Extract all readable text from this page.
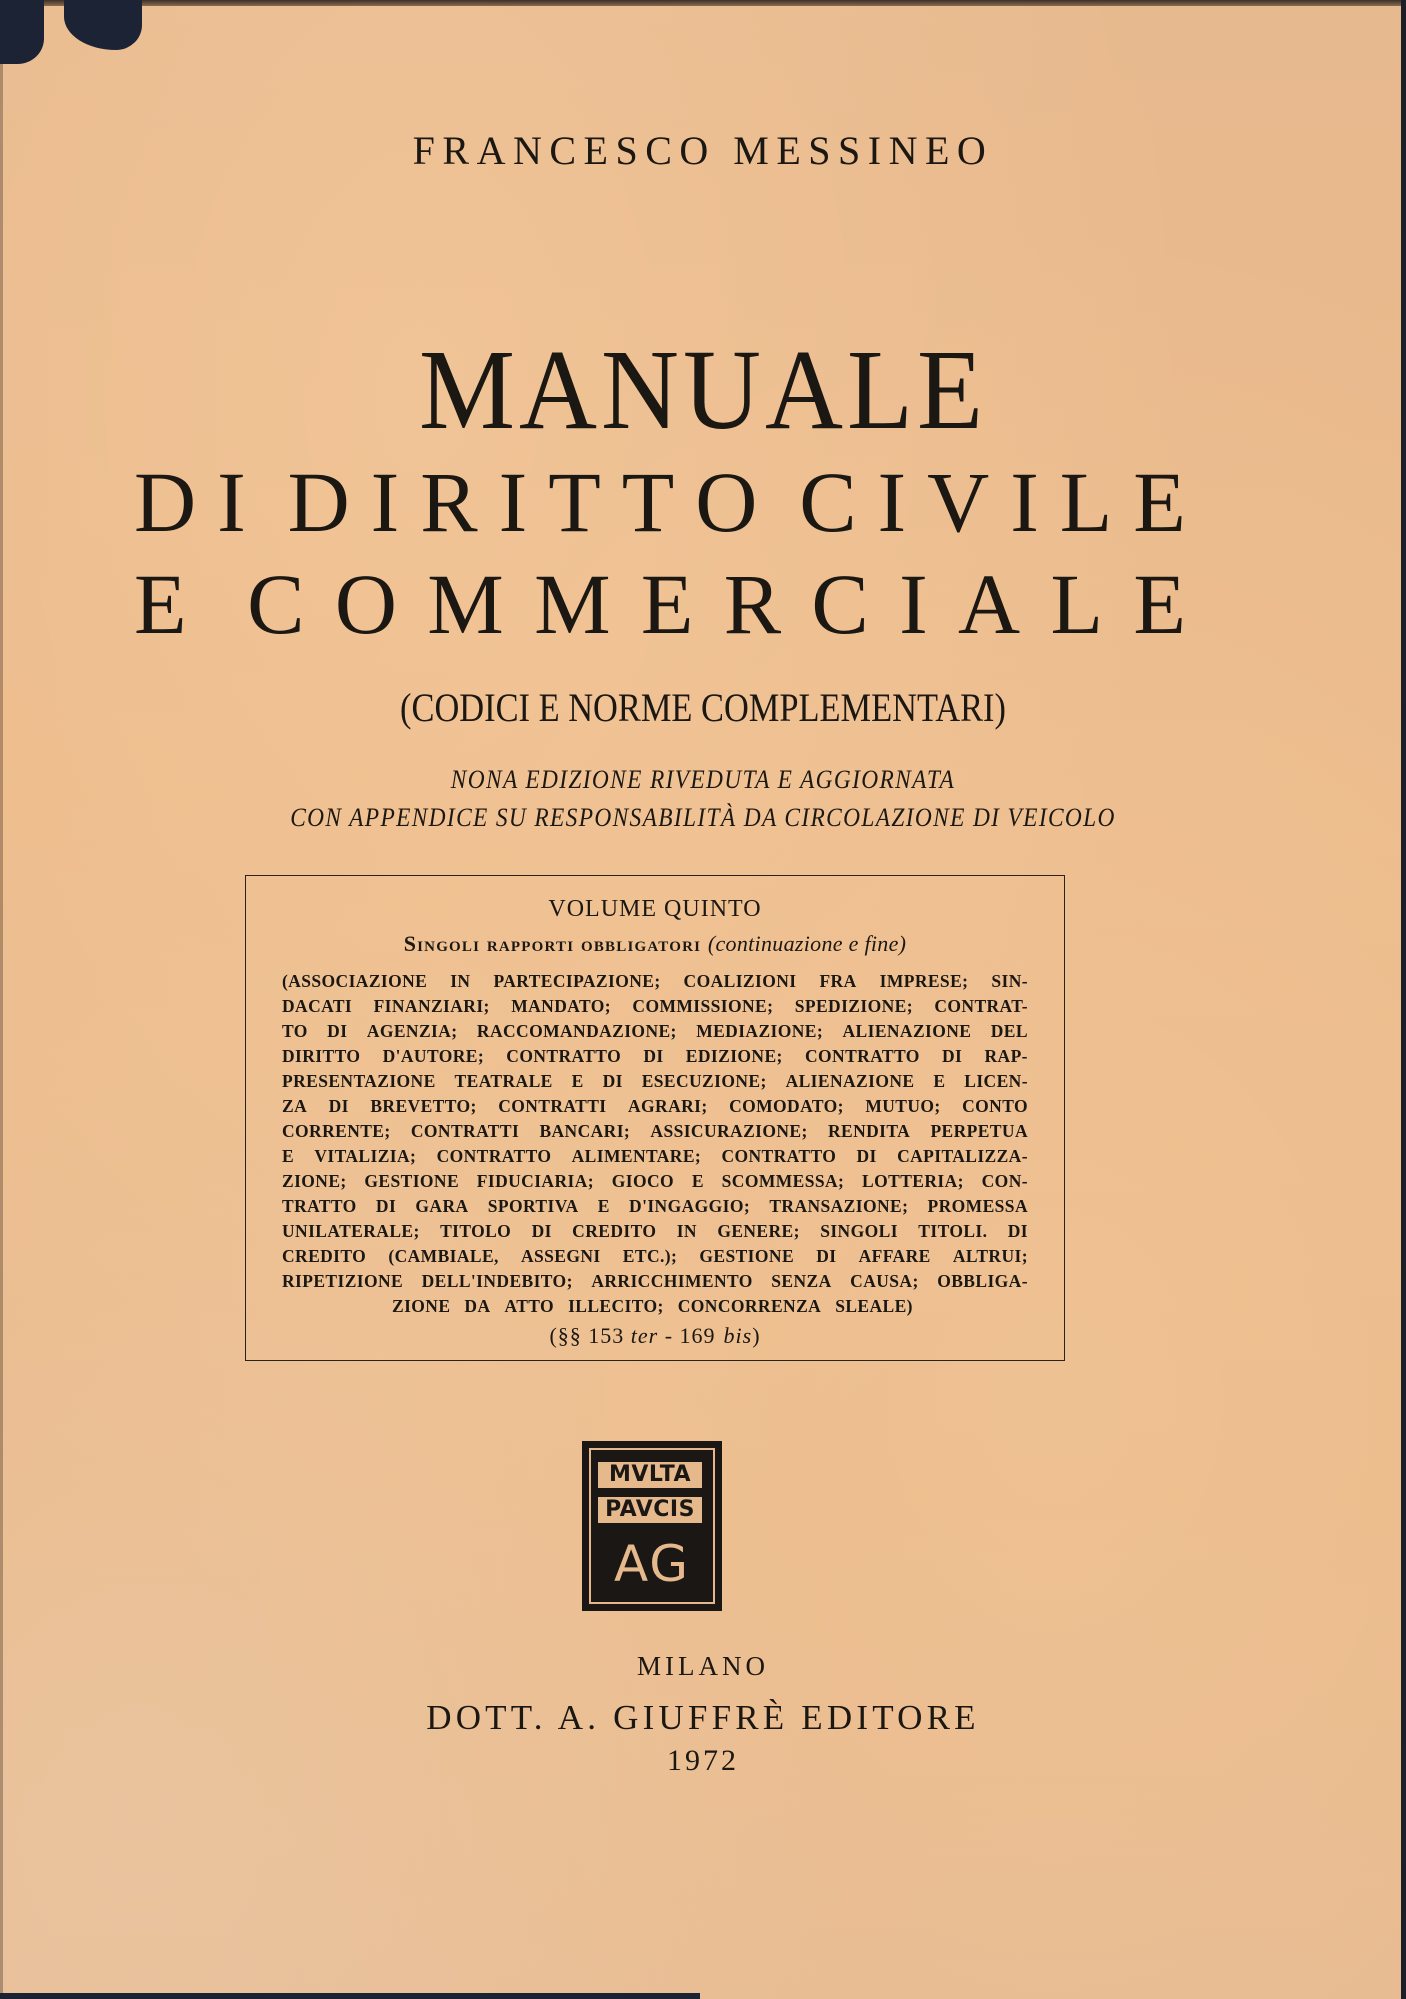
FRANCESCO MESSINEO
MANUALE
D I
D I R I T T O
C I V I L E
E
C O M M E R C I A L E
(CODICI E NORME COMPLEMENTARI)
NONA EDIZIONE RIVEDUTA E AGGIORNATA
CON APPENDICE SU RESPONSABILITÀ DA CIRCOLAZIONE DI VEICOLO
VOLUME QUINTO
Singoli rapporti obbligatori (continuazione e fine)
(ASSOCIAZIONE IN PARTECIPAZIONE; COALIZIONI FRA IMPRESE; SIN-
DACATI FINANZIARI; MANDATO; COMMISSIONE; SPEDIZIONE; CONTRAT-
TO DI AGENZIA; RACCOMANDAZIONE; MEDIAZIONE; ALIENAZIONE DEL
DIRITTO D'AUTORE; CONTRATTO DI EDIZIONE; CONTRATTO DI RAP-
PRESENTAZIONE TEATRALE E DI ESECUZIONE; ALIENAZIONE E LICEN-
ZA DI BREVETTO; CONTRATTI AGRARI; COMODATO; MUTUO; CONTO
CORRENTE; CONTRATTI BANCARI; ASSICURAZIONE; RENDITA PERPETUA
E VITALIZIA; CONTRATTO ALIMENTARE; CONTRATTO DI CAPITALIZZA-
ZIONE; GESTIONE FIDUCIARIA; GIOCO E SCOMMESSA; LOTTERIA; CON-
TRATTO DI GARA SPORTIVA E D'INGAGGIO; TRANSAZIONE; PROMESSA
UNILATERALE; TITOLO DI CREDITO IN GENERE; SINGOLI TITOLI. DI
CREDITO (CAMBIALE, ASSEGNI ETC.); GESTIONE DI AFFARE ALTRUI;
RIPETIZIONE DELL'INDEBITO; ARRICCHIMENTO SENZA CAUSA; OBBLIGA-
ZIONE DA ATTO ILLECITO; CONCORRENZA SLEALE)
(§§ 153 ter - 169 bis)
MVLTA
PAVCIS
AG
MILANO
DOTT. A. GIUFFRÈ EDITORE
1972
